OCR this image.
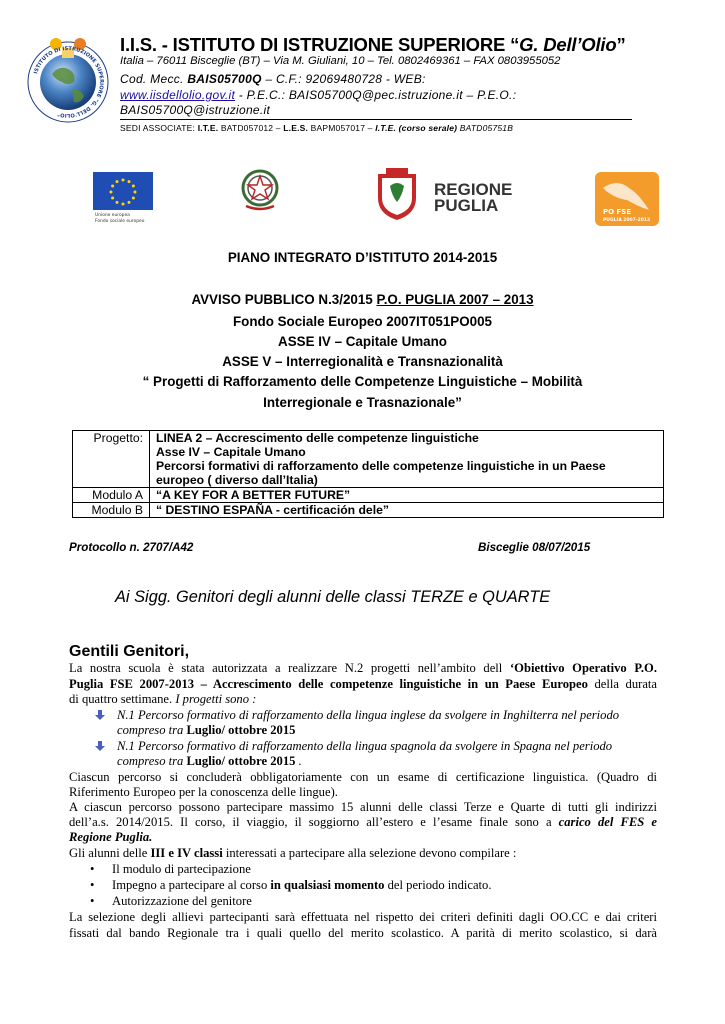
ISTITUTO DI ISTRUZIONE SUPERIORE "G. DELL'OLIO"
I.I.S. - ISTITUTO DI ISTRUZIONE SUPERIORE “G. Dell’Olio”
Italia – 76011 Bisceglie (BT) – Via M. Giuliani, 10 – Tel. 0802469361 – FAX 0803955052
Cod. Mecc. BAIS05700Q – C.F.: 92069480728 - WEB:
www.iisdellolio.gov.it - P.E.C.: BAIS05700Q@pec.istruzione.it – P.E.O.:
BAIS05700Q@istruzione.it
SEDI ASSOCIATE: I.T.E. BATD057012 – L.E.S. BAPM057017 – I.T.E. (corso serale) BATD05751B
Unione europea
Fondo sociale europeo
REGIONE
PUGLIA	PO FSE
PUGLIA 2007-2013
PIANO INTEGRATO D’ISTITUTO 2014-2015
AVVISO PUBBLICO N.3/2015 P.O. PUGLIA 2007 – 2013
Fondo Sociale Europeo 2007IT051PO005
ASSE IV – Capitale Umano
ASSE V – Interregionalità e Transnazionalità
“ Progetti di Rafforzamento delle Competenze Linguistiche – Mobilità
Interregionale e Trasnazionale”
Progetto:	LINEA 2 – Accrescimento delle competenze linguistiche
Asse IV – Capitale Umano
Percorsi formativi di rafforzamento delle competenze linguistiche in un Paese
europeo ( diverso dall’Italia)

Modulo A	“A KEY FOR A BETTER FUTURE”
Modulo B	“ DESTINO ESPAÑA - certificación dele”
Protocollo n. 2707/A42	Bisceglie 08/07/2015
Ai Sigg. Genitori degli alunni delle classi TERZE e QUARTE
Gentili Genitori,
La nostra scuola è stata autorizzata a realizzare N.2 progetti nell’ambito dell ‘Obiettivo Operativo P.O.
Puglia FSE 2007-2013 – Accrescimento delle competenze linguistiche in un Paese Europeo della durata
di quattro settimane. I progetti sono :
N.1 Percorso formativo di rafforzamento della lingua inglese da svolgere in Inghilterra nel periodo
compreso tra Luglio/ ottobre 2015
N.1 Percorso formativo di rafforzamento della lingua spagnola da svolgere in Spagna nel periodo
compreso tra Luglio/ ottobre 2015 .
Ciascun percorso si concluderà obbligatoriamente con un esame di certificazione linguistica. (Quadro di
Riferimento Europeo per la conoscenza delle lingue).
A ciascun percorso possono partecipare massimo 15 alunni delle classi Terze e Quarte di tutti gli indirizzi
dell’a.s. 2014/2015. Il corso, il viaggio, il soggiorno all’estero e l’esame finale sono a carico del FES e
Regione Puglia.
Gli alunni delle III e IV classi interessati a partecipare alla selezione devono compilare :
• Il modulo di partecipazione
• Impegno a partecipare al corso in qualsiasi momento del periodo indicato.
• Autorizzazione del genitore
La selezione degli allievi partecipanti sarà effettuata nel rispetto dei criteri definiti dagli OO.CC e dai criteri
fissati dal bando Regionale tra i quali quello del merito scolastico. A parità di merito scolastico, si darà
